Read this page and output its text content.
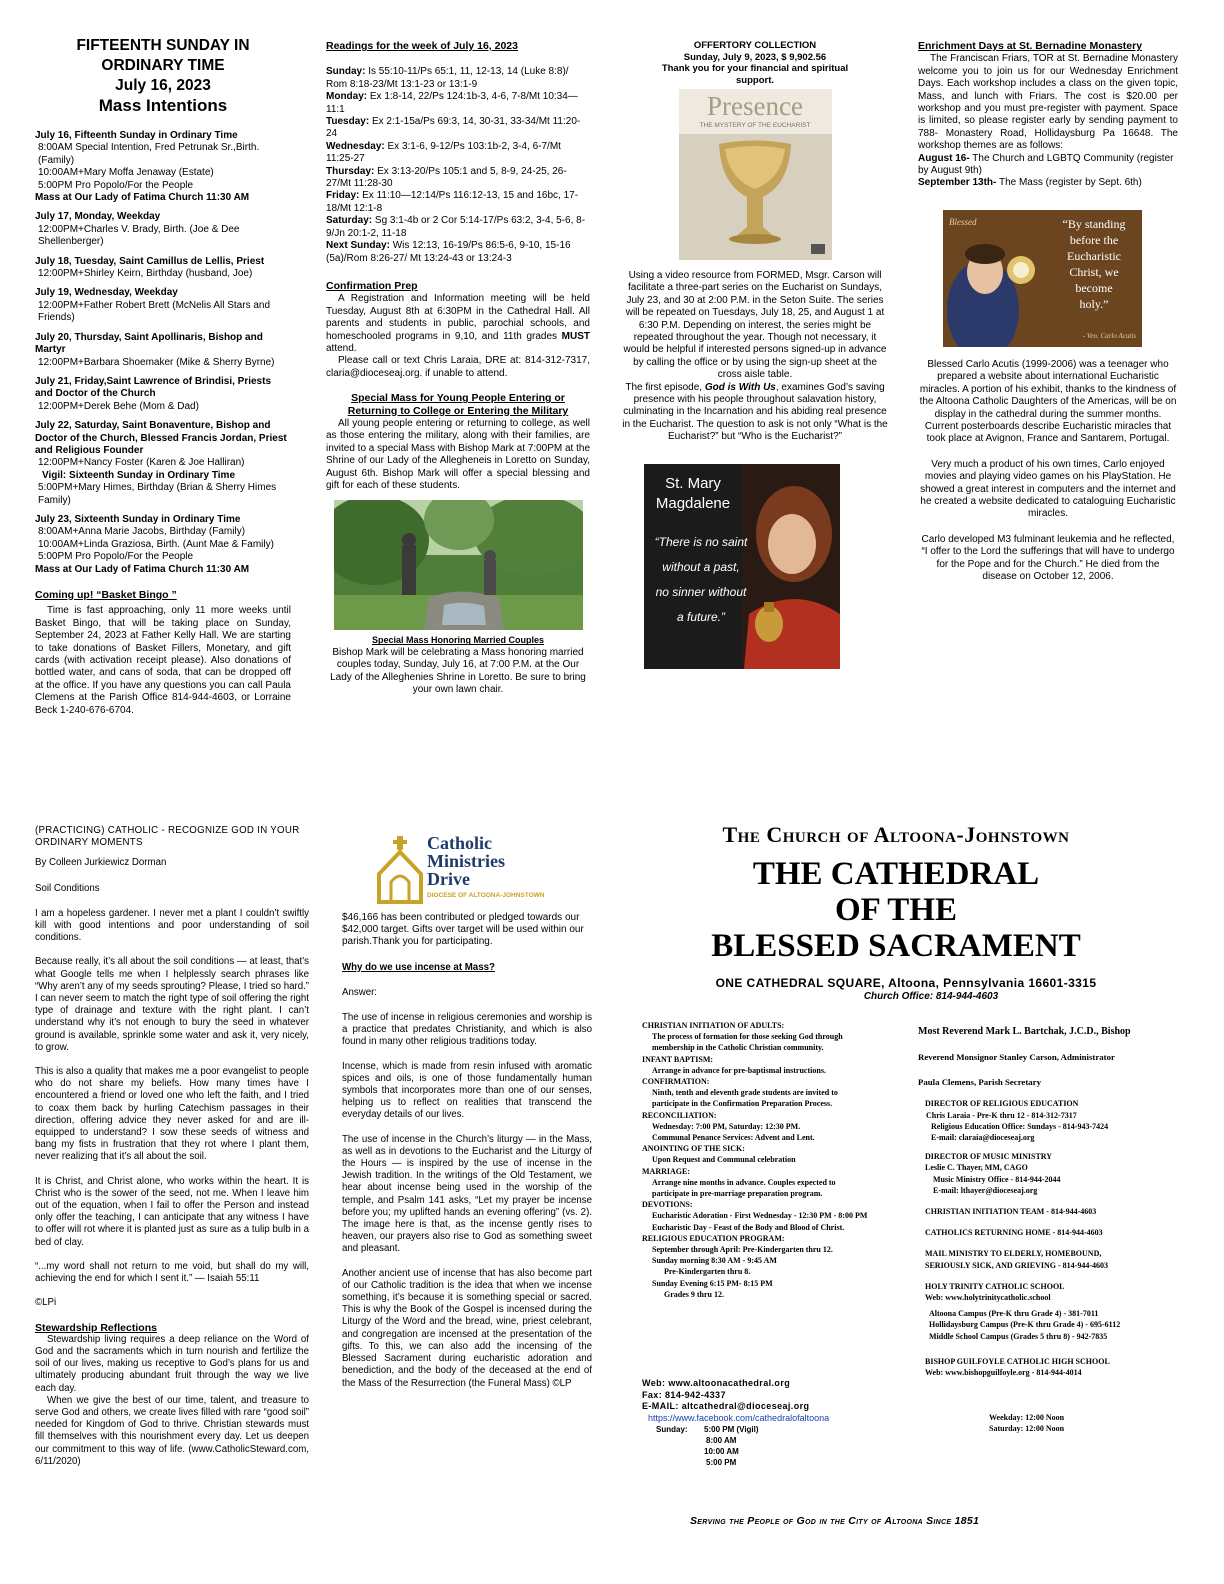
FIFTEENTH SUNDAY IN
ORDINARY TIME
July 16, 2023
Mass Intentions

July 16, Fifteenth Sunday in Ordinary Time

8:00AM Special Intention, Fred Petrunak Sr.,Birth. (Family)

10:00AM+Mary Moffa Jenaway (Estate)

5:00PM Pro Popolo/For the People

Mass at Our Lady of Fatima Church 11:30 AM

July 17, Monday, Weekday

12:00PM+Charles V. Brady, Birth. (Joe & Dee Shellenberger)

July 18, Tuesday, Saint Camillus de Lellis, Priest

12:00PM+Shirley Keirn, Birthday (husband, Joe)

July 19, Wednesday, Weekday

12:00PM+Father Robert Brett (McNelis All Stars and Friends)

July 20, Thursday, Saint Apollinaris, Bishop and Martyr

12:00PM+Barbara Shoemaker (Mike & Sherry Byrne)

July 21, Friday,Saint Lawrence of Brindisi, Priests and Doctor of the Church

12:00PM+Derek Behe (Mom & Dad)

July 22, Saturday, Saint Bonaventure, Bishop and Doctor of the Church, Blessed Francis Jordan, Priest and Religious Founder

12:00PM+Nancy Foster (Karen & Joe Halliran)

Vigil: Sixteenth Sunday in Ordinary Time

5:00PM+Mary Himes, Birthday (Brian & Sherry Himes Family)

July 23, Sixteenth Sunday in Ordinary Time

8:00AM+Anna Marie Jacobs, Birthday (Family)

10:00AM+Linda Graziosa, Birth. (Aunt Mae & Family)

5:00PM Pro Popolo/For the People

Mass at Our Lady of Fatima Church 11:30 AM

Coming up! “Basket Bingo ”

Time is fast approaching, only 11 more weeks until Basket Bingo, that will be taking place on Sunday, September 24, 2023 at Father Kelly Hall. We are starting to take donations of Basket Fillers, Monetary, and gift cards (with activation receipt please). Also donations of bottled water, and cans of soda, that can be dropped off at the office. If you have any questions you can call Paula Clemens at the Parish Office 814-944-4603, or Lorraine Beck 1-240-676-6704.

Readings for the week of July 16, 2023

Sunday: Is 55:10-11/Ps 65:1, 11, 12-13, 14 (Luke 8:8)/ Rom 8:18-23/Mt 13:1-23 or 13:1-9

Monday: Ex 1:8-14, 22/Ps 124:1b-3, 4-6, 7-8/Mt 10:34—11:1

Tuesday: Ex 2:1-15a/Ps 69:3, 14, 30-31, 33-34/Mt 11:20-24

Wednesday: Ex 3:1-6, 9-12/Ps 103:1b-2, 3-4, 6-7/Mt 11:25-27

Thursday: Ex 3:13-20/Ps 105:1 and 5, 8-9, 24-25, 26-27/Mt 11:28-30

Friday: Ex 11:10—12:14/Ps 116:12-13, 15 and 16bc, 17-18/Mt 12:1-8

Saturday: Sg 3:1-4b or 2 Cor 5:14-17/Ps 63:2, 3-4, 5-6, 8-9/Jn 20:1-2, 11-18

Next Sunday: Wis 12:13, 16-19/Ps 86:5-6, 9-10, 15-16 (5a)/Rom 8:26-27/ Mt 13:24-43 or 13:24-3

Confirmation Prep

A Registration and Information meeting will be held Tuesday, August 8th at 6:30PM in the Cathedral Hall. All parents and students in public, parochial schools, and homeschooled programs in 9,10, and 11th grades MUST attend.

Please call or text Chris Laraia, DRE at: 814-312-7317, claria@dioceseaj.org. if unable to attend.

Special Mass for Young People Entering or Returning to College or Entering the Military

All young people entering or returning to college, as well as those entering the military, along with their families, are invited to a special Mass with Bishop Mark at 7:00PM at the Shrine of our Lady of the Allegheneis in Loretto on Sunday, August 6th. Bishop Mark will offer a special blessing and gift for each of these students.

Special Mass Honoring Married Couples

Bishop Mark will be celebrating a Mass honoring married couples today, Sunday, July 16, at 7:00 P.M. at the Our Lady of the Alleghenies Shrine in Loretto. Be sure to bring your own lawn chair.

OFFERTORY COLLECTION
Sunday, July 9, 2023, $ 9,902.56
Thank you for your financial and spiritual support.
Presence
THE MYSTERY OF THE EUCHARIST

Using a video resource from FORMED, Msgr. Carson will facilitate a three-part series on the Eucharist on Sundays, July 23, and 30 at 2:00 P.M. in the Seton Suite. The series will be repeated on Tuesdays, July 18, 25, and August 1 at 6:30 P.M. Depending on interest, the series might be repeated throughout the year. Though not necessary, it would be helpful if interested persons signed-up in advance by calling the office or by using the sign-up sheet at the cross aisle table.

The first episode, God is With Us, examines God’s saving presence with his people throughout salavation history, culminating in the Incarnation and his abiding real presence in the Eucharist. The question to ask is not only “What is the Eucharist?” but “Who is the Eucharist?”

St. Mary
Magdalene
“There is no saint
without a past,
no sinner without
a future.”

Enrichment Days at St. Bernadine Monastery

The Franciscan Friars, TOR at St. Bernadine Monastery welcome you to join us for our Wednesday Enrichment Days. Each workshop includes a class on the given topic, Mass, and lunch with Friars. The cost is $20.00 per workshop and you must pre-register with payment. Space is limited, so please register early by sending payment to 788- Monastery Road, Hollidaysburg Pa 16648. The workshop themes are as follows:

August 16- The Church and LGBTQ Community (register by August 9th)

September 13th- The Mass (register by Sept. 6th)

Blessed	“By standing
before the
Eucharistic
Christ, we
become
holy.”
- Ven. Carlo Acutis

Blessed Carlo Acutis (1999-2006) was a teenager who prepared a website about international Eucharistic miracles. A portion of his exhibit, thanks to the kindness of the Altoona Catholic Daughters of the Americas, will be on display in the cathedral during the summer months. Current posterboards describe Eucharistic miracles that took place at Avignon, France and Santarem, Portugal.

Very much a product of his own times, Carlo enjoyed movies and playing video games on his PlayStation. He showed a great interest in computers and the internet and he created a website dedicated to cataloguing Eucharistic miracles.

Carlo developed M3 fulminant leukemia and he reflected, “I offer to the Lord the sufferings that will have to undergo for the Pope and for the Church.” He died from the disease on October 12, 2006.

(PRACTICING) CATHOLIC - RECOGNIZE GOD IN YOUR ORDINARY MOMENTS

By Colleen Jurkiewicz Dorman

Soil Conditions

I am a hopeless gardener. I never met a plant I couldn’t swiftly kill with good intentions and poor understanding of soil conditions.

Because really, it’s all about the soil conditions — at least, that’s what Google tells me when I helplessly search phrases like “Why aren’t any of my seeds sprouting? Please, I tried so hard.” I can never seem to match the right type of soil offering the right type of drainage and texture with the right plant. I can’t understand why it’s not enough to bury the seed in whatever ground is available, sprinkle some water and ask it, very nicely, to grow.

This is also a quality that makes me a poor evangelist to people who do not share my beliefs. How many times have I encountered a friend or loved one who left the faith, and I tried to coax them back by hurling Catechism passages in their direction, offering advice they never asked for and are ill-equipped to understand? I sow these seeds of witness and bang my fists in frustration that they rot where I plant them, never realizing that it’s all about the soil.

It is Christ, and Christ alone, who works within the heart. It is Christ who is the sower of the seed, not me. When I leave him out of the equation, when I fail to offer the Person and instead only offer the teaching, I can anticipate that any witness I have to offer will rot where it is planted just as sure as a tulip bulb in a bed of clay.

“...my word shall not return to me void, but shall do my will, achieving the end for which I sent it.” — Isaiah 55:11

©LPi

Stewardship Reflections

Stewardship living requires a deep reliance on the Word of God and the sacraments which in turn nourish and fertilize the soil of our lives, making us receptive to God’s plans for us and ultimately producing abundant fruit through the way we live each day.

When we give the best of our time, talent, and treasure to serve God and others, we create lives filled with rare “good soil” needed for Kingdom of God to thrive. Christian stewards must fill themselves with this nourishment every day. Let us deepen our commitment to this way of life. (www.CatholicSteward.com, 6/11/2020)

Catholic
Ministries
Drive
DIOCESE OF ALTOONA-JOHNSTOWN

$46,166 has been contributed or pledged towards our $42,000 target. Gifts over target will be used within our parish.Thank you for participating.

Why do we use incense at Mass?

Answer:

The use of incense in religious ceremonies and worship is a practice that predates Christianity, and which is also found in many other religious traditions today.

Incense, which is made from resin infused with aromatic spices and oils, is one of those fundamentally human symbols that incorporates more than one of our senses, helping us to reflect on realities that transcend the everyday details of our lives.

The use of incense in the Church’s liturgy — in the Mass, as well as in devotions to the Eucharist and the Liturgy of the Hours — is inspired by the use of incense in the Jewish tradition. In the writings of the Old Testament, we hear about incense being used in the worship of the temple, and Psalm 141 asks, “Let my prayer be incense before you; my uplifted hands an evening offering” (vs. 2). The image here is that, as the incense gently rises to heaven, our prayers also rise to God as something sweet and pleasant.

Another ancient use of incense that has also become part of our Catholic tradition is the idea that when we incense something, it’s because it is something special or sacred. This is why the Book of the Gospel is incensed during the Liturgy of the Word and the bread, wine, priest celebrant, and congregation are incensed at the presentation of the gifts. To this, we can also add the incensing of the Blessed Sacrament during eucharistic adoration and benediction, and the body of the deceased at the end of the Mass of the Resurrection (the Funeral Mass) ©LP

The Church of Altoona-Johnstown
THE CATHEDRAL
OF THE
BLESSED SACRAMENT
ONE CATHEDRAL SQUARE, Altoona, Pennsylvania 16601-3315
Church Office: 814-944-4603

CHRISTIAN INITIATION OF ADULTS:

The process of formation for those seeking God through

membership in the Catholic Christian community.

INFANT BAPTISM:

Arrange in advance for pre-baptismal instructions.

CONFIRMATION:

Ninth, tenth and eleventh grade students are invited to

participate in the Confirmation Preparation Process.

RECONCILIATION:

Wednesday: 7:00 PM, Saturday: 12:30 PM.

Communal Penance Services: Advent and Lent.

ANOINTING OF THE SICK:

Upon Request and Communal celebration

MARRIAGE:

Arrange nine months in advance. Couples expected to

participate in pre-marriage preparation program.

DEVOTIONS:

Eucharistic Adoration - First Wednesday - 12:30 PM - 8:00 PM

Eucharistic Day - Feast of the Body and Blood of Christ.

RELIGIOUS EDUCATION PROGRAM:

September through April: Pre-Kindergarten thru 12.

Sunday morning 8:30 AM - 9:45 AM

Pre-Kindergarten thru 8.

Sunday Evening 6:15 PM- 8:15 PM

Grades 9 thru 12.

Web: www.altoonacathedral.org

Fax: 814-942-4337

E-MAIL: altcathedral@dioceseaj.org

https://www.facebook.com/cathedralofaltoona

Sunday: 5:00 PM (Vigil)
8:00 AM
10:00 AM
5:00 PM

Most Reverend Mark L. Bartchak, J.C.D., Bishop

Reverend Monsignor Stanley Carson, Administrator

Paula Clemens, Parish Secretary

DIRECTOR OF RELIGIOUS EDUCATION

Chris Laraia - Pre-K thru 12 - 814-312-7317

Religious Education Office: Sundays - 814-943-7424

E-mail: claraia@dioceseaj.org

DIRECTOR OF MUSIC MINISTRY

Leslie C. Thayer, MM, CAGO

Music Ministry Office - 814-944-2044

E-mail: lthayer@dioceseaj.org

CHRISTIAN INITIATION TEAM - 814-944-4603

CATHOLICS RETURNING HOME - 814-944-4603

MAIL MINISTRY TO ELDERLY, HOMEBOUND,

SERIOUSLY SICK, AND GRIEVING - 814-944-4603

HOLY TRINITY CATHOLIC SCHOOL

Web: www.holytrinitycatholic.school

Altoona Campus (Pre-K thru Grade 4) - 381-7011

Hollidaysburg Campus (Pre-K thru Grade 4) - 695-6112

Middle School Campus (Grades 5 thru 8) - 942-7835

BISHOP GUILFOYLE CATHOLIC HIGH SCHOOL

Web: www.bishopguilfoyle.org - 814-944-4014

Weekday: 12:00 Noon

Saturday: 12:00 Noon

Serving the People of God in the City of Altoona Since 1851
